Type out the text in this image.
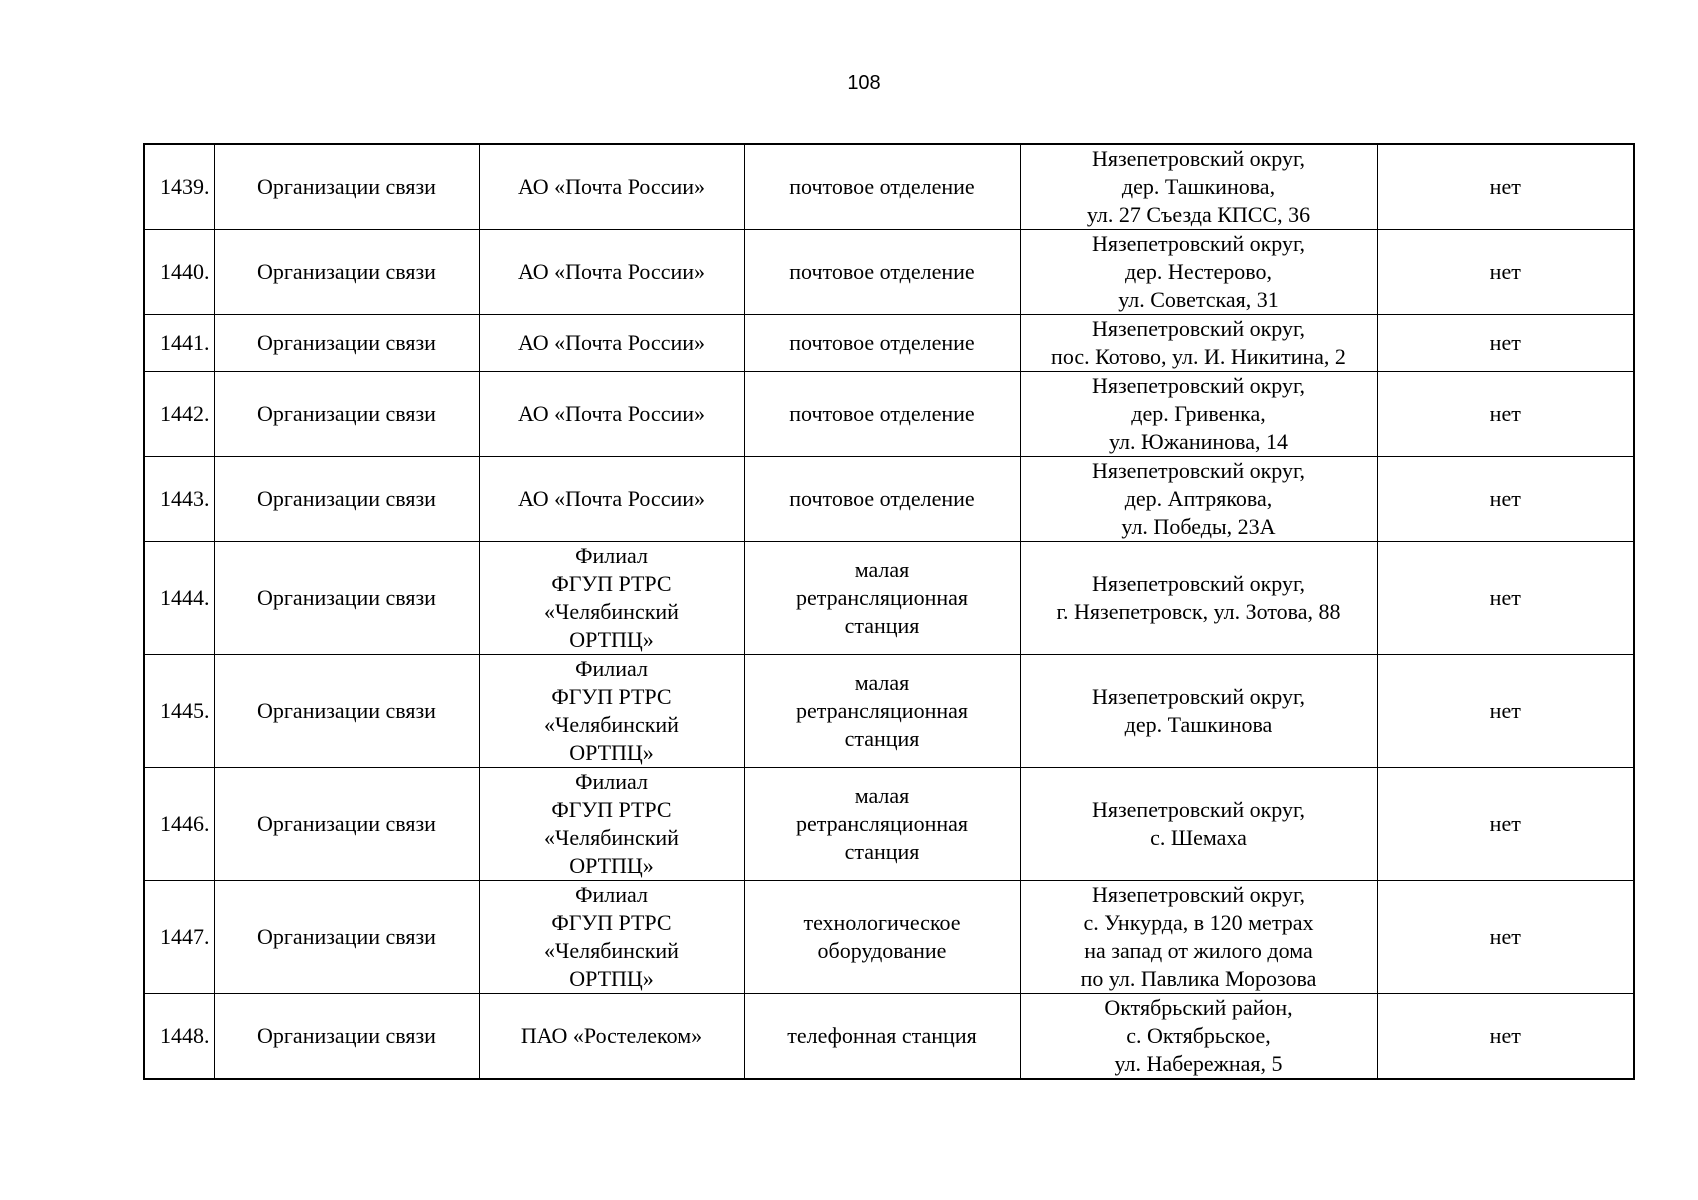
108
1439.	Организации связи	АО «Почта России»	почтовое отделение	Нязепетровский округ,
дер. Ташкинова,
ул. 27 Съезда КПСС, 36	нет
1440.	Организации связи	АО «Почта России»	почтовое отделение	Нязепетровский округ,
дер. Нестерово,
ул. Советская, 31	нет
1441.	Организации связи	АО «Почта России»	почтовое отделение	Нязепетровский округ,
пос. Котово, ул. И. Никитина, 2	нет
1442.	Организации связи	АО «Почта России»	почтовое отделение	Нязепетровский округ,
дер. Гривенка,
ул. Южанинова, 14	нет
1443.	Организации связи	АО «Почта России»	почтовое отделение	Нязепетровский округ,
дер. Аптрякова,
ул. Победы, 23А	нет
1444.	Организации связи	Филиал
ФГУП РТРС
«Челябинский
ОРТПЦ»	малая
ретрансляционная
станция	Нязепетровский округ,
г. Нязепетровск, ул. Зотова, 88	нет
1445.	Организации связи	Филиал
ФГУП РТРС
«Челябинский
ОРТПЦ»	малая
ретрансляционная
станция	Нязепетровский округ,
дер. Ташкинова	нет
1446.	Организации связи	Филиал
ФГУП РТРС
«Челябинский
ОРТПЦ»	малая
ретрансляционная
станция	Нязепетровский округ,
с. Шемаха	нет
1447.	Организации связи	Филиал
ФГУП РТРС
«Челябинский
ОРТПЦ»	технологическое
оборудование	Нязепетровский округ,
с. Ункурда, в 120 метрах
на запад от жилого дома
по ул. Павлика Морозова	нет
1448.	Организации связи	ПАО «Ростелеком»	телефонная станция	Октябрьский район,
с. Октябрьское,
ул. Набережная, 5	нет
